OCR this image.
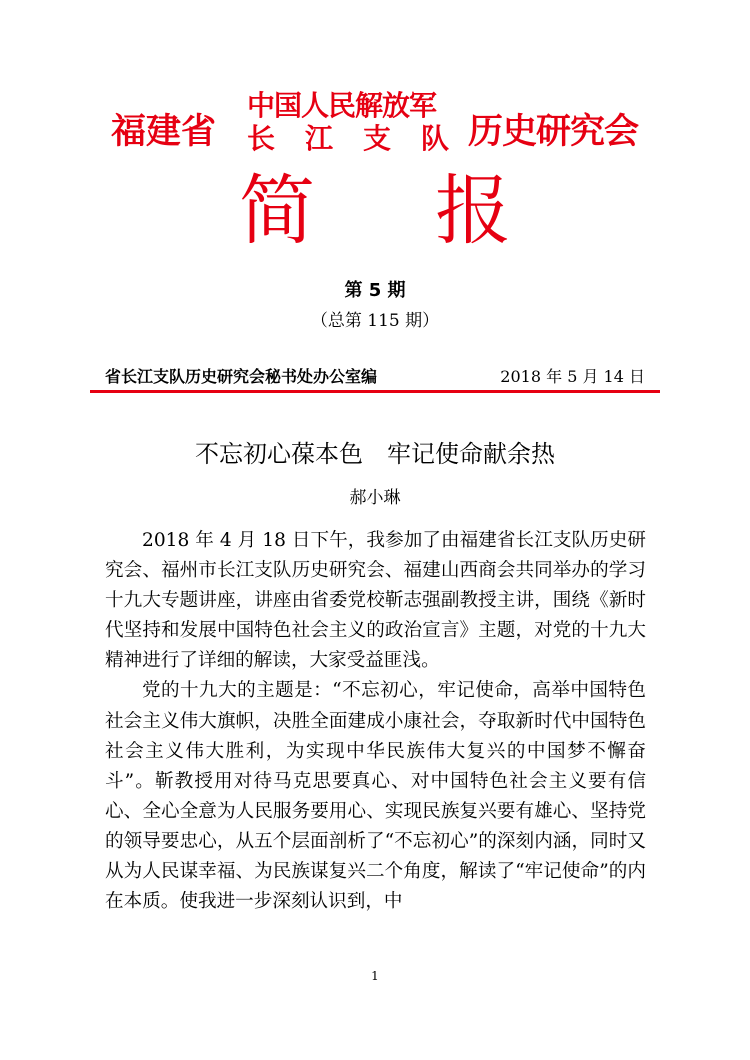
福建省
中国人民解放军
长江支队
历史研究会
简 报
第 5 期
（总第 115 期）
省长江支队历史研究会秘书处办公室编	2018 年 5 月 14 日
不忘初心葆本色　牢记使命献余热
郝小琳

2018 年 4 月 18 日下午，我参加了由福建省长江支队历史研究会、福州市长江支队历史研究会、福建山西商会共同举办的学习十九大专题讲座，讲座由省委党校靳志强副教授主讲，围绕《新时代坚持和发展中国特色社会主义的政治宣言》主题，对党的十九大精神进行了详细的解读，大家受益匪浅。

党的十九大的主题是：“不忘初心，牢记使命，高举中国特色社会主义伟大旗帜，决胜全面建成小康社会，夺取新时代中国特色社会主义伟大胜利，为实现中华民族伟大复兴的中国梦不懈奋斗”。靳教授用对待马克思要真心、对中国特色社会主义要有信心、全心全意为人民服务要用心、实现民族复兴要有雄心、坚持党的领导要忠心，从五个层面剖析了“不忘初心”的深刻内涵，同时又从为人民谋幸福、为民族谋复兴二个角度，解读了“牢记使命”的内在本质。使我进一步深刻认识到，中

1
